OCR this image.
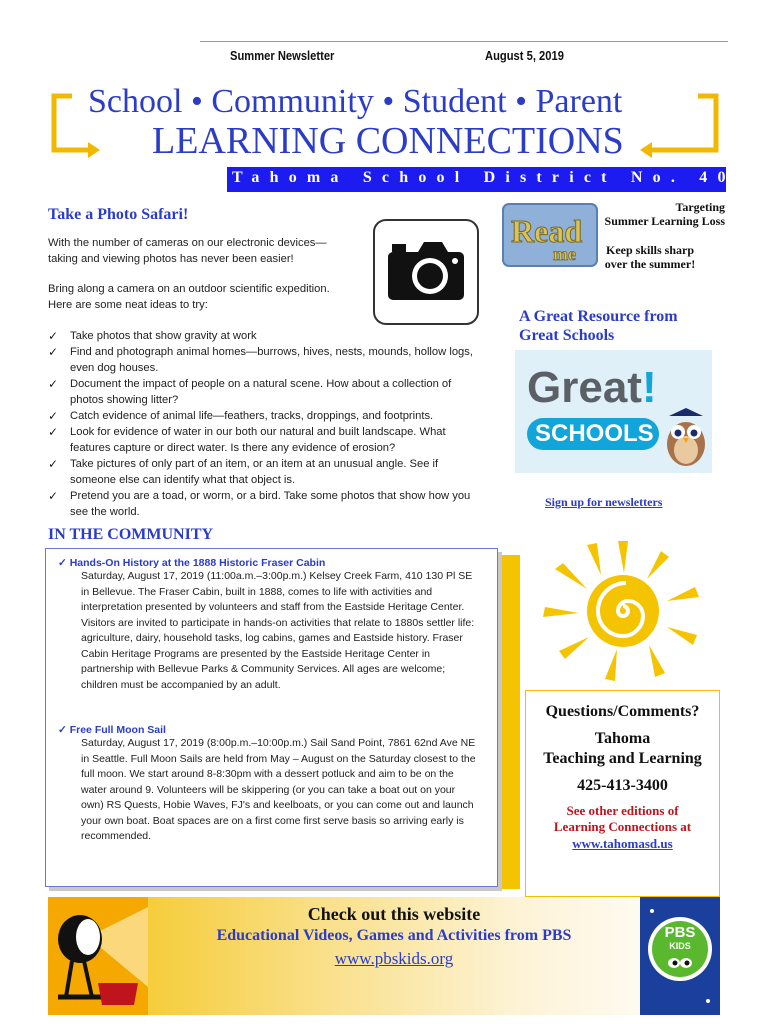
Summer Newsletter	August 5, 2019
School • Community • Student • Parent
LEARNING CONNECTIONS
Tahoma School District No. 409
Take a Photo Safari!
With the number of cameras on our electronic devices—taking and viewing photos has never been easier!
Bring along a camera on an outdoor scientific expedition. Here are some neat ideas to try:
✓ Take photos that show gravity at work
✓ Find and photograph animal homes—burrows, hives, nests, mounds, hollow logs, even dog houses.
✓ Document the impact of people on a natural scene. How about a collection of photos showing litter?
✓ Catch evidence of animal life—feathers, tracks, droppings, and footprints.
✓ Look for evidence of water in our both our natural and built landscape. What features capture or direct water. Is there any evidence of erosion?
✓ Take pictures of only part of an item, or an item at an unusual angle. See if someone else can identify what that object is.
✓ Pretend you are a toad, or worm, or a bird. Take some photos that show how you see the world.
Read
me
Targeting
Summer Learning Loss
Keep skills sharp
over the summer!
A Great Resource from Great Schools
Great!
SCHOOLS
Sign up for newsletters
IN THE COMMUNITY
✓ Hands-On History at the 1888 Historic Fraser Cabin
Saturday, August 17, 2019 (11:00a.m.–3:00p.m.) Kelsey Creek Farm, 410 130 Pl SE in Bellevue. The Fraser Cabin, built in 1888, comes to life with activities and interpretation presented by volunteers and staff from the Eastside Heritage Center. Visitors are invited to participate in hands-on activities that relate to 1880s settler life: agriculture, dairy, household tasks, log cabins, games and Eastside history. Fraser Cabin Heritage Programs are presented by the Eastside Heritage Center in partnership with Bellevue Parks & Community Services. All ages are welcome; children must be accompanied by an adult.
✓ Free Full Moon Sail
Saturday, August 17, 2019 (8:00p.m.–10:00p.m.) Sail Sand Point, 7861 62nd Ave NE in Seattle. Full Moon Sails are held from May – August on the Saturday closest to the full moon. We start around 8-8:30pm with a dessert potluck and aim to be on the water around 9. Volunteers will be skippering (or you can take a boat out on your own) RS Quests, Hobie Waves, FJ's and keelboats, or you can come out and launch your own boat. Boat spaces are on a first come first serve basis so arriving early is recommended.
Questions/Comments?
Tahoma
Teaching and Learning
425-413-3400
See other editions of
Learning Connections at
www.tahomasd.us
Check out this website
Educational Videos, Games and Activities from PBS
www.pbskids.org
PBS
KIDS
